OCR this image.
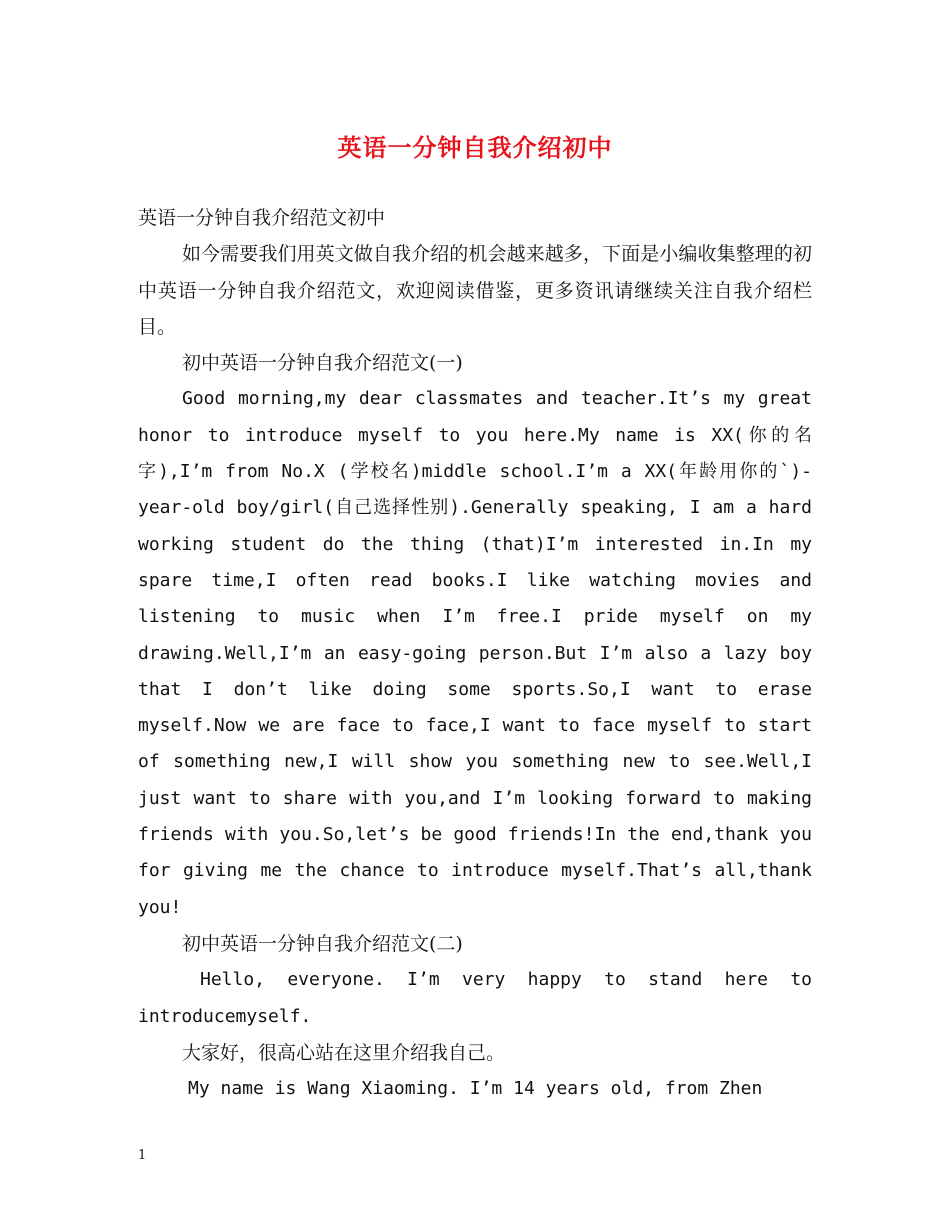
英语一分钟自我介绍初中

英语一分钟自我介绍范文初中

如今需要我们用英文做自我介绍的机会越来越多，下面是小编收集整理的初中英语一分钟自我介绍范文，欢迎阅读借鉴，更多资讯请继续关注自我介绍栏目。

初中英语一分钟自我介绍范文(一)

Good morning,my dear classmates and teacher.It’s my great honor to introduce myself to you here.My name is XX(你的名字),I’m from No.X (学校名)middle school.I’m a XX(年龄用你的`)-year-old boy/girl(自己选择性别).Generally speaking, I am a hard working student do the thing (that)I’m interested in.In my spare time,I often read books.I like watching movies and listening to music when I’m free.I pride myself on my drawing.Well,I’m an easy-going person.But I’m also a lazy boy that I don’t like doing some sports.So,I want to erase myself.Now we are face to face,I want to face myself to start of something new,I will show you something new to see.Well,I just want to share with you,and I’m looking forward to making friends with you.So,let’s be good friends!In the end,thank you for giving me the chance to introduce myself.That’s all,thank you!

初中英语一分钟自我介绍范文(二)

Hello, everyone. I’m very happy to stand here to introducemyself.

大家好，很高心站在这里介绍我自己。

My name is Wang Xiaoming. I’m 14 years old, from Zhen

1
